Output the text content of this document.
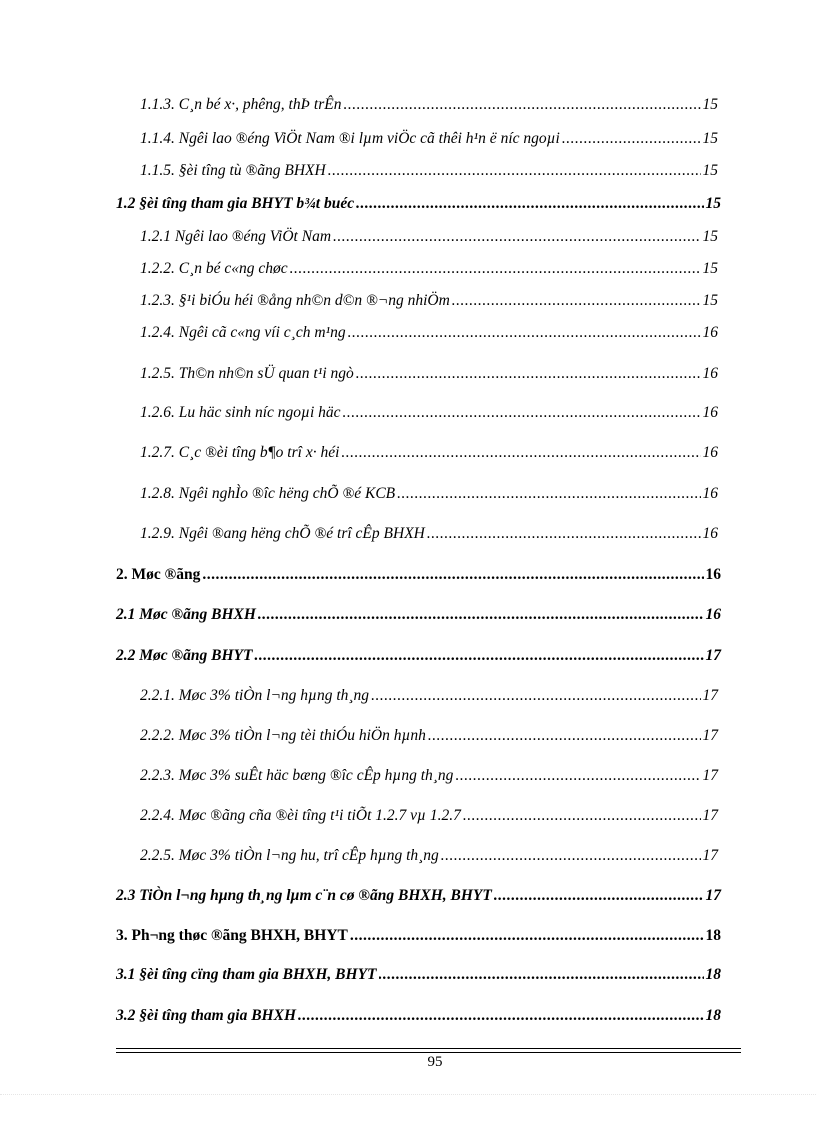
1.1.3. C¸n bé x·, phêng, thÞ trÊn .....	15
1.1.4. Ngêi lao ®éng ViÖt Nam ®i lµm viÖc cã thêi h¹n ë níc ngoµi .....	15
1.1.5. §èi tîng tù ®ãng BHXH .....	15
1.2 §èi tîng tham gia BHYT b¾t buéc .....	15
1.2.1 Ngêi lao ®éng ViÖt Nam .....	15
1.2.2. C¸n bé c«ng chøc .....	15
1.2.3. §¹i biÓu héi ®ång nh©n d©n ®¬ng nhiÖm .....	15
1.2.4. Ngêi cã c«ng víi c¸ch m¹ng .....	16
1.2.5. Th©n nh©n sÜ quan t¹i ngò .....	16
1.2.6. Lu häc sinh níc ngoµi häc .....	16
1.2.7. C¸c ®èi tîng b¶o trî x· héi .....	16
1.2.8. Ngêi nghÌo ®îc hëng chÕ ®é KCB .....	16
1.2.9. Ngêi ®ang hëng chÕ ®é trî cÊp BHXH .....	16
2. Møc ®ãng .....	16
2.1 Møc ®ãng BHXH .....	16
2.2 Møc ®ãng BHYT .....	17
2.2.1. Møc 3% tiÒn l¬ng hµng th¸ng .....	17
2.2.2. Møc 3% tiÒn l¬ng tèi thiÓu hiÖn hµnh .....	17
2.2.3. Møc 3% suÊt häc bæng ®îc cÊp hµng th¸ng .....	17
2.2.4. Møc ®ãng cña ®èi tîng t¹i tiÕt 1.2.7 vµ 1.2.7 .....	17
2.2.5. Møc 3% tiÒn l¬ng hu, trî cÊp hµng th¸ng .....	17
2.3 TiÒn l¬ng hµng th¸ng lµm c¨n cø ®ãng BHXH, BHYT .....	17
3. Ph¬ng thøc ®ãng BHXH, BHYT .....	18
3.1 §èi tîng cïng tham gia BHXH, BHYT .....	18
3.2 §èi tîng tham gia BHXH .....	18
95
